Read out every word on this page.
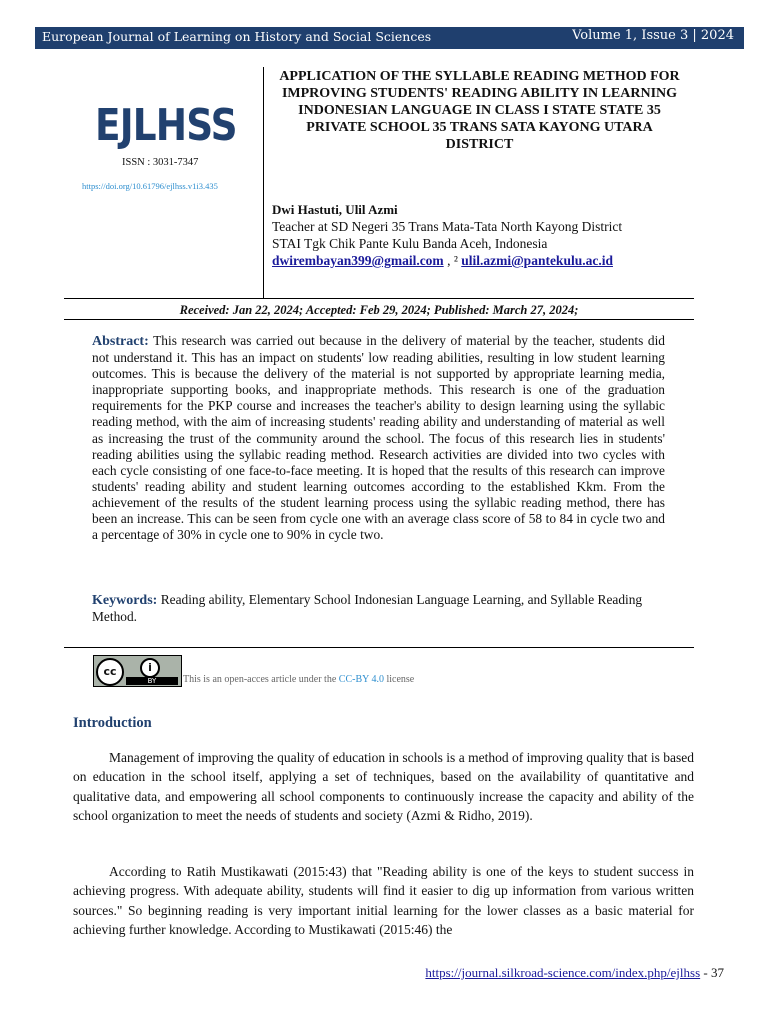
European Journal of Learning on History and Social Sciences	Volume 1, Issue 3 | 2024
EJLHSS
ISSN : 3031-7347
https://doi.org/10.61796/ejlhss.v1i3.435
APPLICATION OF THE SYLLABLE READING METHOD FOR IMPROVING STUDENTS' READING ABILITY IN LEARNING INDONESIAN LANGUAGE IN CLASS I STATE STATE 35 PRIVATE SCHOOL 35 TRANS SATA KAYONG UTARA DISTRICT
Dwi Hastuti, Ulil Azmi
Teacher at SD Negeri 35 Trans Mata-Tata North Kayong District
STAI Tgk Chik Pante Kulu Banda Aceh, Indonesia
dwirembayan399@gmail.com , ² ulil.azmi@pantekulu.ac.id
Received: Jan 22, 2024; Accepted: Feb 29, 2024; Published: March 27, 2024;
Abstract: This research was carried out because in the delivery of material by the teacher, students did not understand it. This has an impact on students' low reading abilities, resulting in low student learning outcomes. This is because the delivery of the material is not supported by appropriate learning media, inappropriate supporting books, and inappropriate methods. This research is one of the graduation requirements for the PKP course and increases the teacher's ability to design learning using the syllabic reading method, with the aim of increasing students' reading ability and understanding of material as well as increasing the trust of the community around the school. The focus of this research lies in students' reading abilities using the syllabic reading method. Research activities are divided into two cycles with each cycle consisting of one face-to-face meeting. It is hoped that the results of this research can improve students' reading ability and student learning outcomes according to the established Kkm. From the achievement of the results of the student learning process using the syllabic reading method, there has been an increase. This can be seen from cycle one with an average class score of 58 to 84 in cycle two and a percentage of 30% in cycle one to 90% in cycle two.
Keywords: Reading ability, Elementary School Indonesian Language Learning, and Syllable Reading Method.
cc	i
BY	This is an open-acces article under the CC-BY 4.0 license
Introduction
Management of improving the quality of education in schools is a method of improving quality that is based on education in the school itself, applying a set of techniques, based on the availability of quantitative and qualitative data, and empowering all school components to continuously increase the capacity and ability of the school organization to meet the needs of students and society (Azmi & Ridho, 2019).
According to Ratih Mustikawati (2015:43) that "Reading ability is one of the keys to student success in achieving progress. With adequate ability, students will find it easier to dig up information from various written sources." So beginning reading is very important initial learning for the lower classes as a basic material for achieving further knowledge. According to Mustikawati (2015:46) the
https://journal.silkroad-science.com/index.php/ejlhss - 37
